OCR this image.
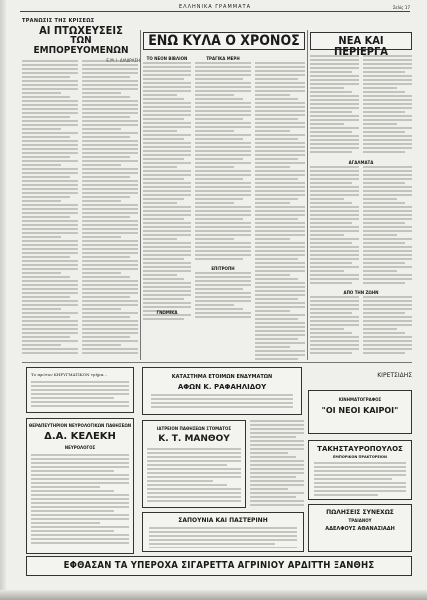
ΕΛΛΗΝΙΚΑ ΓΡΑΜΜΑΤΑ	Σελίς 17
ΤΡΑΝΩΣΙΣ ΤΗΣ ΚΡΙΣΕΩΣ
ΑΙ ΠΤΩΧΕΥΣΕΙΣ
ΤΩΝ ΕΜΠΟΡΕΥΟΜΕΝΩΝ
Ε.Μ. Ι. ΔΙΑΔΡΑΣΗ
ΕΝΩ ΚΥΛΑ Ο ΧΡΟΝΟΣ
ΤΟ ΝΕΟΝ ΒΙΒΛΙΟΝ	ΤΡΑΓΙΚΑ ΜΕΡΗ
ΕΠΙΤΡΟΠΗ
ΓΝΩΜΙΚΑ
ΝΕΑ ΚΑΙ ΠΕΡΙΕΡΓΑ
ΑΓΑΛΜΑΤΑ
ΑΠΟ ΤΗΝ ΖΩΗΝ
Το πρώτον ΚΗΡΥΓΜΑΤΙΚΟΝ τμήμα...
ΘΕΡΑΠΕΥΤΗΡΙΟΝ ΝΕΥΡΟΛΟΓΙΚΩΝ ΠΑΘΗΣΕΩΝ
Δ.Α. ΚΕΛΕΚΗ
ΝΕΥΡΟΛΟΓΟΣ
ΚΑΤΑΣΤΗΜΑ ΕΤΟΙΜΩΝ ΕΝΔΥΜΑΤΩΝ
ΑΦΩΝ Κ. ΡΑΦΑΗΛΙΔΟΥ
ΙΑΤΡΕΙΟΝ ΠΑΘΗΣΕΩΝ ΣΤΟΜΑΤΟΣ
Κ. Τ. ΜΑΝΘΟΥ
ΣΑΠΟΥΝΙΑ ΚΑΙ ΠΑΣΤΕΡΙΝΗ
ΚΙΡΕΤΣΙΔΗΣ
ΚΙΝΗΜΑΤΟΓΡΑΦΟΣ
"ΟΙ ΝΕΟΙ ΚΑΙΡΟΙ"
ΤΑΚΗΣΤΑΥΡΟΠΟΥΛΟΣ
ΕΜΠΟΡΙΚΟΝ ΠΡΑΚΤΟΡΕΙΟΝ
ΠΩΛΗΣΕΙΣ ΣΥΝΕΧΩΣ
ΤΡΑΙΑΝΟΥ
ΑΔΕΛΦΟΥΣ ΑΘΑΝΑΣΙΑΔΗ
ΕΦΘΑΣΑΝ ΤΑ ΥΠΕΡΟΧΑ ΣΙΓΑΡΕΤΤΑ ΑΓΡΙΝΙΟΥ ΑΡΔΙΤΤΗ ΞΑΝΘΗΣ
